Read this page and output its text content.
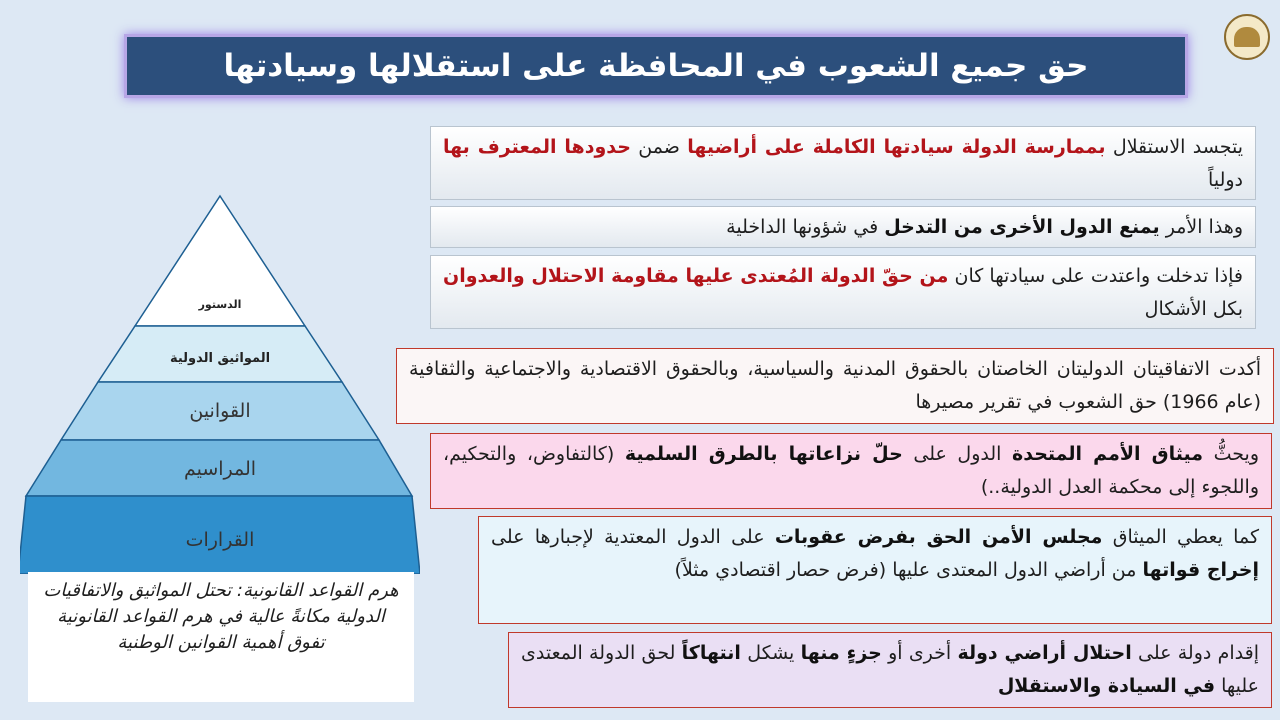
حق جميع الشعوب في المحافظة على استقلالها وسيادتها
يتجسد الاستقلال بممارسة الدولة سيادتها الكاملة على أراضيها ضمن حدودها المعترف بها دولياً
وهذا الأمر يمنع الدول الأخرى من التدخل في شؤونها الداخلية
فإذا تدخلت واعتدت على سيادتها كان من حقّ الدولة المُعتدى عليها مقاومة الاحتلال والعدوان بكل الأشكال
أكدت الاتفاقيتان الدوليتان الخاصتان بالحقوق المدنية والسياسية، وبالحقوق الاقتصادية والاجتماعية والثقافية (عام 1966) حق الشعوب في تقرير مصيرها
ويحثُّ ميثاق الأمم المتحدة الدول على حلّ نزاعاتها بالطرق السلمية (كالتفاوض، والتحكيم، واللجوء إلى محكمة العدل الدولية..)
كما يعطي الميثاق مجلس الأمن الحق بفرض عقوبات على الدول المعتدية لإجبارها على إخراج قواتها من أراضي الدول المعتدى عليها (فرض حصار اقتصادي مثلاً)
إقدام دولة على احتلال أراضي دولة أخرى أو جزءٍ منها يشكل انتهاكاً لحق الدولة المعتدى عليها في السيادة والاستقلال
الدستور
المواثيق الدولية
القوانين
المراسيم
القرارات
هرم القواعد القانونية: تحتل المواثيق والاتفاقيات الدولية مكانةً عالية في هرم القواعد القانونية تفوق أهمية القوانين الوطنية
